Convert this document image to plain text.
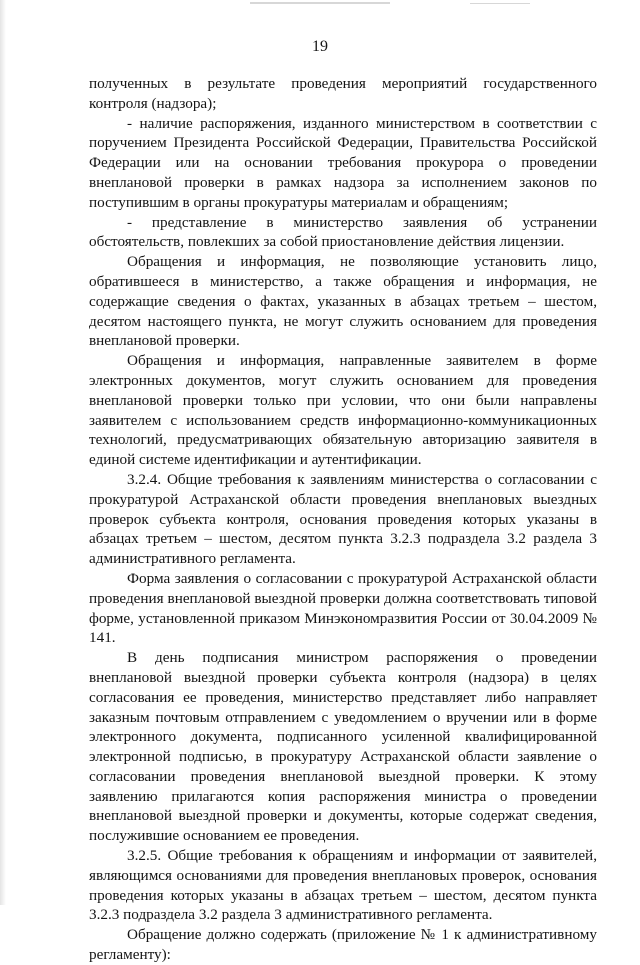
19

полученных в результате проведения мероприятий государственного контроля (надзора);

- наличие распоряжения, изданного министерством в соответствии с поручением Президента Российской Федерации, Правительства Российской Федерации или на основании требования прокурора о проведении внеплановой проверки в рамках надзора за исполнением законов по поступившим в органы прокуратуры материалам и обращениям;

- представление в министерство заявления об устранении обстоятельств, повлекших за собой приостановление действия лицензии.

Обращения и информация, не позволяющие установить лицо, обратившееся в министерство, а также обращения и информация, не содержащие сведения о фактах, указанных в абзацах третьем – шестом, десятом настоящего пункта, не могут служить основанием для проведения внеплановой проверки.

Обращения и информация, направленные заявителем в форме электронных документов, могут служить основанием для проведения внеплановой проверки только при условии, что они были направлены заявителем с использованием средств информационно-коммуникационных технологий, предусматривающих обязательную авторизацию заявителя в единой системе идентификации и аутентификации.

3.2.4. Общие требования к заявлениям министерства о согласовании с прокуратурой Астраханской области проведения внеплановых выездных проверок субъекта контроля, основания проведения которых указаны в абзацах третьем – шестом, десятом пункта 3.2.3 подраздела 3.2 раздела 3 административного регламента.

Форма заявления о согласовании с прокуратурой Астраханской области проведения внеплановой выездной проверки должна соответствовать типовой форме, установленной приказом Минэкономразвития России от 30.04.2009 № 141.

В день подписания министром распоряжения о проведении внеплановой выездной проверки субъекта контроля (надзора) в целях согласования ее проведения, министерство представляет либо направляет заказным почтовым отправлением с уведомлением о вручении или в форме электронного документа, подписанного усиленной квалифицированной электронной подписью, в прокуратуру Астраханской области заявление о согласовании проведения внеплановой выездной проверки. К этому заявлению прилагаются копия распоряжения министра о проведении внеплановой выездной проверки и документы, которые содержат сведения, послужившие основанием ее проведения.

3.2.5. Общие требования к обращениям и информации от заявителей, являющимся основаниями для проведения внеплановых проверок, основания проведения которых указаны в абзацах третьем – шестом, десятом пункта 3.2.3 подраздела 3.2 раздела 3 административного регламента.

Обращение должно содержать (приложение № 1 к административному регламенту):
